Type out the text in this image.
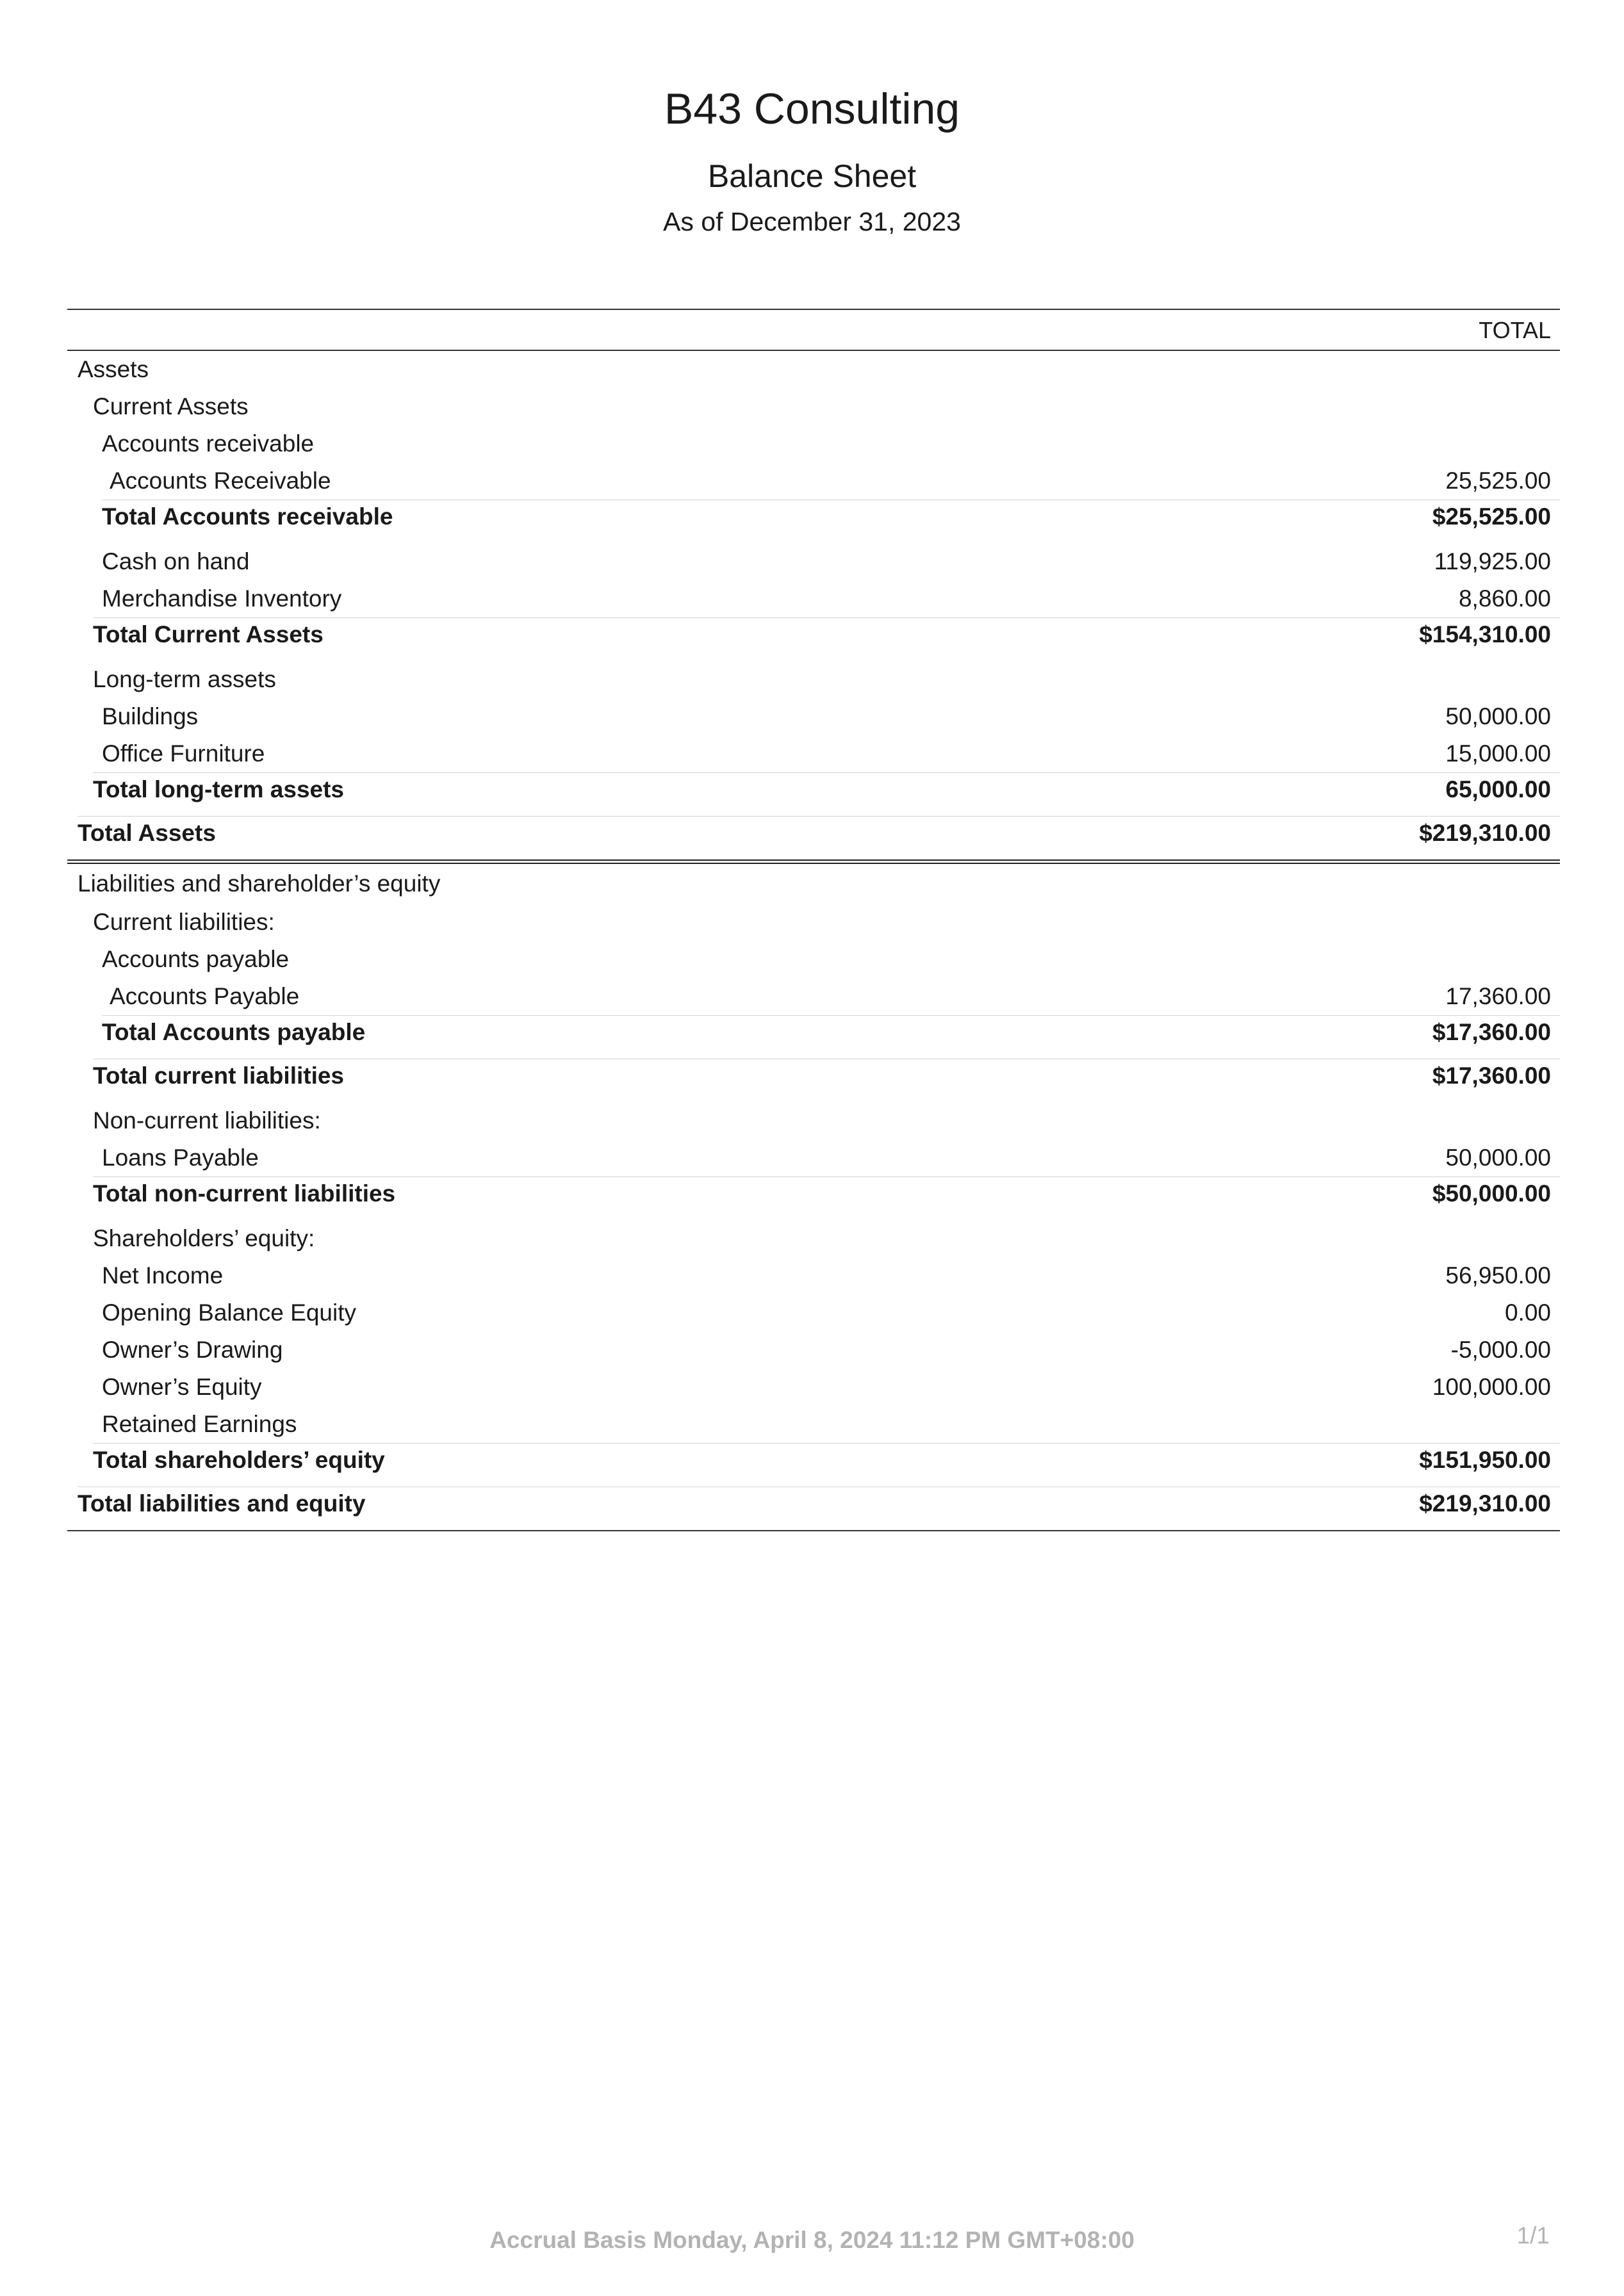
B43 Consulting
Balance Sheet
As of December 31, 2023
TOTAL
Assets
Current Assets
Accounts receivable
Accounts Receivable	25,525.00
Total Accounts receivable	$25,525.00
Cash on hand	119,925.00
Merchandise Inventory	8,860.00
Total Current Assets	$154,310.00
Long-term assets
Buildings	50,000.00
Office Furniture	15,000.00
Total long-term assets	65,000.00
Total Assets	$219,310.00
Liabilities and shareholder’s equity
Current liabilities:
Accounts payable
Accounts Payable	17,360.00
Total Accounts payable	$17,360.00
Total current liabilities	$17,360.00
Non-current liabilities:
Loans Payable	50,000.00
Total non-current liabilities	$50,000.00
Shareholders’ equity:
Net Income	56,950.00
Opening Balance Equity	0.00
Owner’s Drawing	-5,000.00
Owner’s Equity	100,000.00
Retained Earnings
Total shareholders’ equity	$151,950.00
Total liabilities and equity	$219,310.00
Accrual Basis Monday, April 8, 2024 11:12 PM GMT+08:00	1/1
